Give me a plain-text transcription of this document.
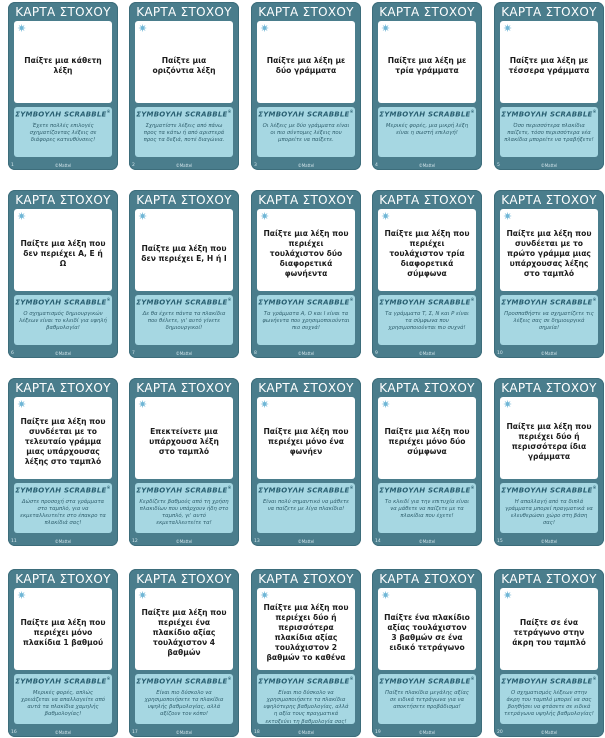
ΚΑΡΤΑ ΣΤΟΧΟΥ
✷
Παίξτε μια κάθετη λέξη
ΣΥΜΒΟΥΛΗ SCRABBLE®
Έχετε πολλές επιλογές σχηματίζοντας λέξεις σε διάφορες κατευθύνσεις!
1	©Mattel
ΚΑΡΤΑ ΣΤΟΧΟΥ
✷
Παίξτε μια οριζόντια λέξη
ΣΥΜΒΟΥΛΗ SCRABBLE®
Σχηματίστε λέξεις από πάνω προς τα κάτω ή από αριστερά προς τα δεξιά, ποτέ διαγώνια.
2	©Mattel
ΚΑΡΤΑ ΣΤΟΧΟΥ
✷
Παίξτε μια λέξη με δύο γράμματα
ΣΥΜΒΟΥΛΗ SCRABBLE®
Οι λέξεις με δύο γράμματα είναι οι πιο σύντομες λέξεις που μπορείτε να παίξετε.
3	©Mattel
ΚΑΡΤΑ ΣΤΟΧΟΥ
✷
Παίξτε μια λέξη με τρία γράμματα
ΣΥΜΒΟΥΛΗ SCRABBLE®
Μερικές φορές, μια μικρή λέξη είναι η σωστή επιλογή!
4	©Mattel
ΚΑΡΤΑ ΣΤΟΧΟΥ
✷
Παίξτε μια λέξη με τέσσερα γράμματα
ΣΥΜΒΟΥΛΗ SCRABBLE®
Όσο περισσότερα πλακίδια παίζετε, τόσο περισσότερα νέα πλακίδια μπορείτε να τραβήξετε!
5	©Mattel
ΚΑΡΤΑ ΣΤΟΧΟΥ
✷
Παίξτε μια λέξη που δεν περιέχει Α, Ε ή Ω
ΣΥΜΒΟΥΛΗ SCRABBLE®
Ο σχηματισμός δημιουργικών λέξεων είναι το κλειδί για υψηλή βαθμολογία!
6	©Mattel
ΚΑΡΤΑ ΣΤΟΧΟΥ
✷
Παίξτε μια λέξη που δεν περιέχει Ε, Η ή Ι
ΣΥΜΒΟΥΛΗ SCRABBLE®
Δε θα έχετε πάντα τα πλακίδια που θέλετε, γι' αυτό γίνετε δημιουργικοί!
7	©Mattel
ΚΑΡΤΑ ΣΤΟΧΟΥ
✷
Παίξτε μια λέξη που περιέχει τουλάχιστον δύο διαφορετικά φωνήεντα
ΣΥΜΒΟΥΛΗ SCRABBLE®
Τα γράμματα Α, Ο και Ι είναι τα φωνήεντα που χρησιμοποιούνται πιο συχνά!
8	©Mattel
ΚΑΡΤΑ ΣΤΟΧΟΥ
✷
Παίξτε μια λέξη που περιέχει τουλάχιστον τρία διαφορετικά σύμφωνα
ΣΥΜΒΟΥΛΗ SCRABBLE®
Τα γράμματα Τ, Σ, Ν και Ρ είναι τα σύμφωνα που χρησιμοποιούνται πιο συχνά!
9	©Mattel
ΚΑΡΤΑ ΣΤΟΧΟΥ
✷
Παίξτε μια λέξη που συνδέεται με το πρώτο γράμμα μιας υπάρχουσας λέξης στο ταμπλό
ΣΥΜΒΟΥΛΗ SCRABBLE®
Προσπαθήστε να σχηματίζετε τις λέξεις σας σε δημιουργικά σημεία!
10	©Mattel
ΚΑΡΤΑ ΣΤΟΧΟΥ
✷
Παίξτε μια λέξη που συνδέεται με το τελευταίο γράμμα μιας υπάρχουσας λέξης στο ταμπλό
ΣΥΜΒΟΥΛΗ SCRABBLE®
Δώστε προσοχή στα γράμματα στο ταμπλό, για να εκμεταλλευτείτε στο έπακρο τα πλακίδιά σας!
11	©Mattel
ΚΑΡΤΑ ΣΤΟΧΟΥ
✷
Επεκτείνετε μια υπάρχουσα λέξη στο ταμπλό
ΣΥΜΒΟΥΛΗ SCRABBLE®
Κερδίζετε βαθμούς από τη χρήση πλακιδίων που υπάρχουν ήδη στο ταμπλό, γι' αυτό εκμεταλλευτείτε τα!
12	©Mattel
ΚΑΡΤΑ ΣΤΟΧΟΥ
✷
Παίξτε μια λέξη που περιέχει μόνο ένα φωνήεν
ΣΥΜΒΟΥΛΗ SCRABBLE®
Είναι πολύ σημαντικό να μάθετε να παίζετε με λίγα πλακίδια!
13	©Mattel
ΚΑΡΤΑ ΣΤΟΧΟΥ
✷
Παίξτε μια λέξη που περιέχει μόνο δύο σύμφωνα
ΣΥΜΒΟΥΛΗ SCRABBLE®
Το κλειδί για την επιτυχία είναι να μάθετε να παίζετε με τα πλακίδια που έχετε!
14	©Mattel
ΚΑΡΤΑ ΣΤΟΧΟΥ
✷
Παίξτε μια λέξη που περιέχει δύο ή περισσότερα ίδια γράμματα
ΣΥΜΒΟΥΛΗ SCRABBLE®
Η απαλλαγή από τα διπλά γράμματα μπορεί πραγματικά να ελευθερώσει χώρο στη βάση σας!
15	©Mattel
ΚΑΡΤΑ ΣΤΟΧΟΥ
✷
Παίξτε μια λέξη που περιέχει μόνο πλακίδια 1 βαθμού
ΣΥΜΒΟΥΛΗ SCRABBLE®
Μερικές φορές, απλώς χρειάζεται να απαλλαγείτε από αυτά τα πλακίδια χαμηλής βαθμολογίας!
16	©Mattel
ΚΑΡΤΑ ΣΤΟΧΟΥ
✷
Παίξτε μια λέξη που περιέχει ένα πλακίδιο αξίας τουλάχιστον 4 βαθμών
ΣΥΜΒΟΥΛΗ SCRABBLE®
Είναι πιο δύσκολο να χρησιμοποιήσετε τα πλακίδια υψηλής βαθμολογίας, αλλά αξίζουν τον κόπο!
17	©Mattel
ΚΑΡΤΑ ΣΤΟΧΟΥ
✷
Παίξτε μια λέξη που περιέχει δύο ή περισσότερα πλακίδια αξίας τουλάχιστον 2 βαθμών το καθένα
ΣΥΜΒΟΥΛΗ SCRABBLE®
Είναι πιο δύσκολο να χρησιμοποιήσετε τα πλακίδια υψηλότερης βαθμολογίας, αλλά η αξία τους πραγματικά εκτοξεύει τη βαθμολογία σας!
18	©Mattel
ΚΑΡΤΑ ΣΤΟΧΟΥ
✷
Παίξτε ένα πλακίδιο αξίας τουλάχιστον 3 βαθμών σε ένα ειδικό τετράγωνο
ΣΥΜΒΟΥΛΗ SCRABBLE®
Παίξτε πλακίδια μεγάλης αξίας σε ειδικά τετράγωνα για να αποκτήσετε προβάδισμα!
19	©Mattel
ΚΑΡΤΑ ΣΤΟΧΟΥ
✷
Παίξτε σε ένα τετράγωνο στην άκρη του ταμπλό
ΣΥΜΒΟΥΛΗ SCRABBLE®
Ο σχηματισμός λέξεων στην άκρη του ταμπλό μπορεί να σας βοηθήσει να φτάσετε σε ειδικά τετράγωνα υψηλής βαθμολογίας!
20	©Mattel
